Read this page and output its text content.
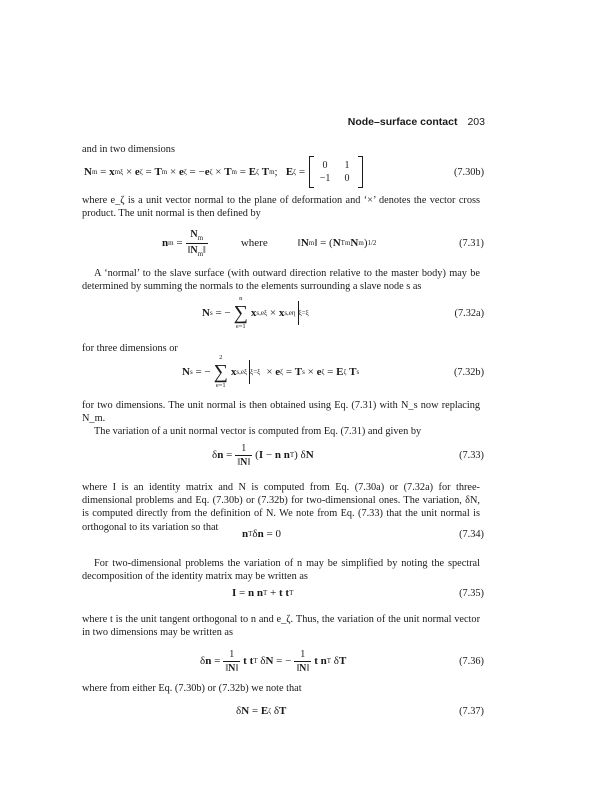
Node–surface contact 203

and in two dimensions

N m
=
x m ξ
×
e ζ
=
T m
×
e ζ
=
− e ζ
×
T m
=
E ζ
T m ;
E ζ
=
0	1
−1	0
(7.30b)

where e_ζ is a unit vector normal to the plane of deformation and ‘×’ denotes the vector cross product. The unit normal is then defined by

n m
= $\frac{N_m}{‖N_m‖}$	where	‖ N m ‖ = ( N T m N m ) 1/2	(7.31)

A ‘normal’ to the slave surface (with outward direction relative to the master body) may be determined by summing the normals to the elements surrounding a slave node s as

N s
=
−
n
∑
e=1
x s,e ξ
×
x s,e η ξ=ξ	(7.32a)

for three dimensions or

N s
=
−
2
∑
e=1
x s,e ξ ξ=ξ ×
e ζ
=
T s
×
e ζ
=
E ζ
T s	(7.32b)

for two dimensions. The unit normal is then obtained using Eq. (7.31) with N_s now replacing N_m.

The variation of a unit normal vector is computed from Eq. (7.31) and given by

δ n
= $\frac{1}{‖N‖}$ ( I
−
n
n T )
δ N	(7.33)

where I is an identity matrix and N is computed from Eq. (7.30a) or (7.32a) for three-dimensional problems and Eq. (7.30b) or (7.32b) for two-dimensional ones. The variation, δN, is computed directly from the definition of N. We note from Eq. (7.33) that the unit normal is orthogonal to its variation so that

n T δ n
=
0	(7.34)

For two-dimensional problems the variation of n may be simplified by noting the spectral decomposition of the identity matrix may be written as

I
=
n
n T
+
t
t T	(7.35)

where t is the unit tangent orthogonal to n and e_ζ. Thus, the variation of the unit normal vector in two dimensions may be written as

δ n
= $\frac{1}{‖N‖}$ t
t T
δ N
=
− $\frac{1}{‖N‖}$ t
n T
δ T	(7.36)

where from either Eq. (7.30b) or (7.32b) we note that

δ N
=
E ζ
δ T	(7.37)
